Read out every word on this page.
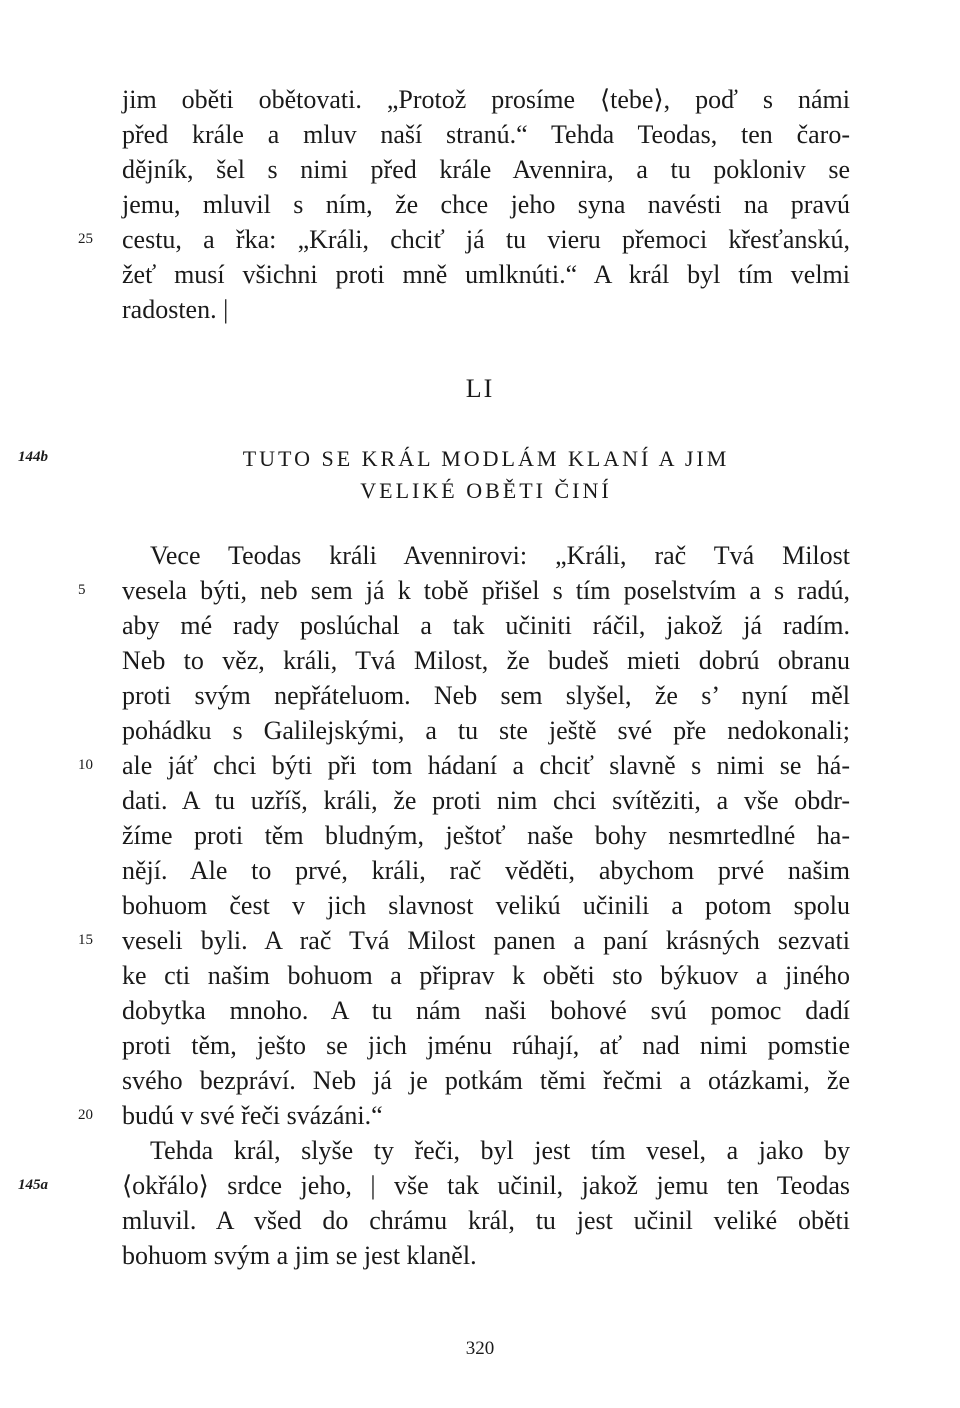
jim oběti obětovati. „Protož prosíme ⟨tebe⟩, poď s námi
před krále a mluv naší stranú.“ Tehda Teodas, ten čaro-
dějník, šel s nimi před krále Avennira, a tu pokloniv se
jemu, mluvil s ním, že chce jeho syna navésti na pravú
cestu, a řka: „Králi, chciť já tu vieru přemoci křesťanskú,
žeť musí všichni proti mně umlknúti.“ A král byl tím velmi
radosten. |
25
LI
144b	TUTO SE KRÁL MODLÁM KLANÍ A JIM
VELIKÉ OBĚTI ČINÍ
Vece Teodas králi Avennirovi: „Králi, rač Tvá Milost
vesela býti, neb sem já k tobě přišel s tím poselstvím a s radú,
aby mé rady poslúchal a tak učiniti ráčil, jakož já radím.
Neb to věz, králi, Tvá Milost, že budeš mieti dobrú obranu
proti svým nepřáteluom. Neb sem slyšel, že s’ nyní měl
pohádku s Galilejskými, a tu ste ještě své pře nedokonali;
ale jáť chci býti při tom hádaní a chciť slavně s nimi se há-
dati. A tu uzříš, králi, že proti nim chci svítěziti, a vše obdr-
žíme proti těm bludným, ještoť naše bohy nesmrtedlné ha-
nějí. Ale to prvé, králi, rač věděti, abychom prvé našim
bohuom čest v jich slavnost velikú učinili a potom spolu
veseli byli. A rač Tvá Milost panen a paní krásných sezvati
ke cti našim bohuom a připrav k oběti sto býkuov a jiného
dobytka mnoho. A tu nám naši bohové svú pomoc dadí
proti těm, ješto se jich jménu rúhají, ať nad nimi pomstie
svého bezpráví. Neb já je potkám těmi řečmi a otázkami, že
budú v své řeči svázáni.“
Tehda král, slyše ty řeči, byl jest tím vesel, a jako by
⟨okřálo⟩ srdce jeho, | vše tak učinil, jakož jemu ten Teodas
mluvil. A všed do chrámu král, tu jest učinil veliké oběti
bohuom svým a jim se jest klaněl.
5
10
15
20
145a
320
